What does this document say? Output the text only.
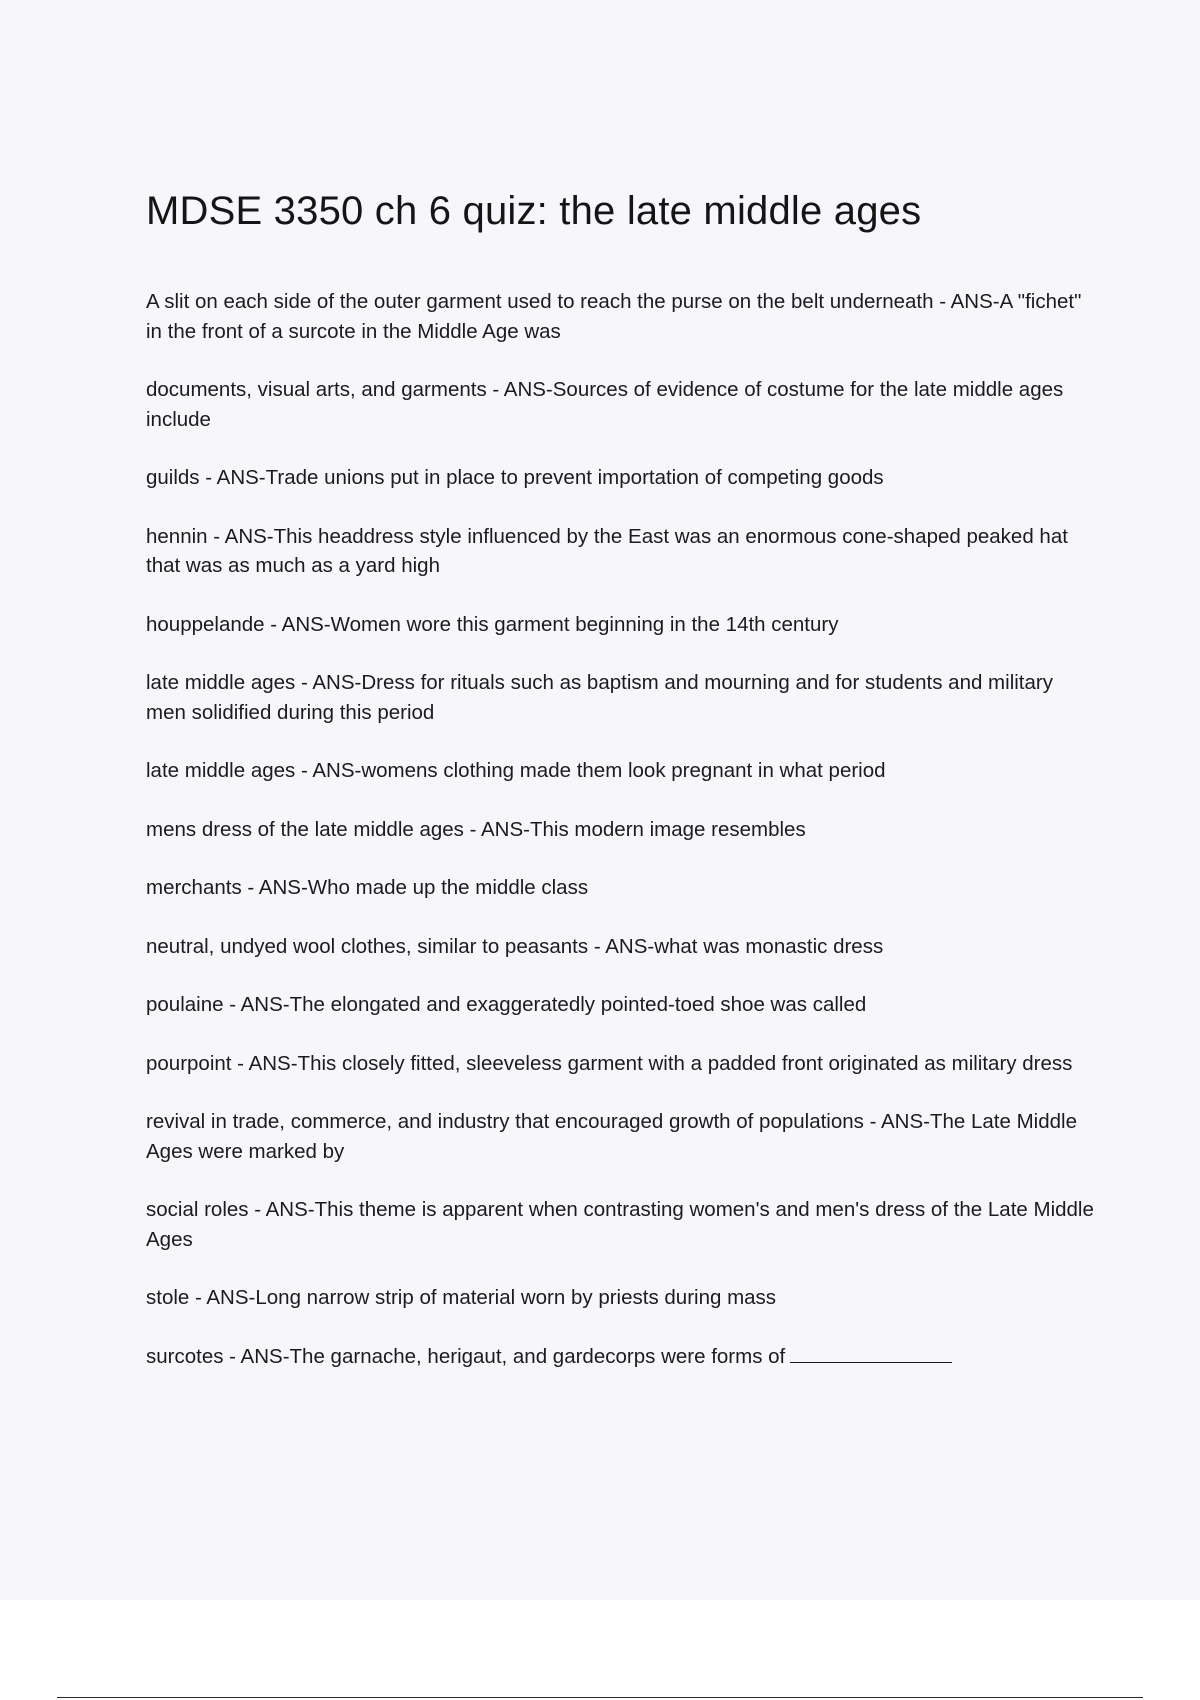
MDSE 3350 ch 6 quiz: the late middle ages

A slit on each side of the outer garment used to reach the purse on the belt underneath - ANS-A "fichet" in the front of a surcote in the Middle Age was

documents, visual arts, and garments - ANS-Sources of evidence of costume for the late middle ages include

guilds - ANS-Trade unions put in place to prevent importation of competing goods

hennin - ANS-This headdress style influenced by the East was an enormous cone-shaped peaked hat that was as much as a yard high

houppelande - ANS-Women wore this garment beginning in the 14th century

late middle ages - ANS-Dress for rituals such as baptism and mourning and for students and military men solidified during this period

late middle ages - ANS-womens clothing made them look pregnant in what period

mens dress of the late middle ages - ANS-This modern image resembles

merchants - ANS-Who made up the middle class

neutral, undyed wool clothes, similar to peasants - ANS-what was monastic dress

poulaine - ANS-The elongated and exaggeratedly pointed-toed shoe was called

pourpoint - ANS-This closely fitted, sleeveless garment with a padded front originated as military dress

revival in trade, commerce, and industry that encouraged growth of populations - ANS-The Late Middle Ages were marked by

social roles - ANS-This theme is apparent when contrasting women's and men's dress of the Late Middle Ages

stole - ANS-Long narrow strip of material worn by priests during mass

surcotes - ANS-The garnache, herigaut, and gardecorps were forms of
